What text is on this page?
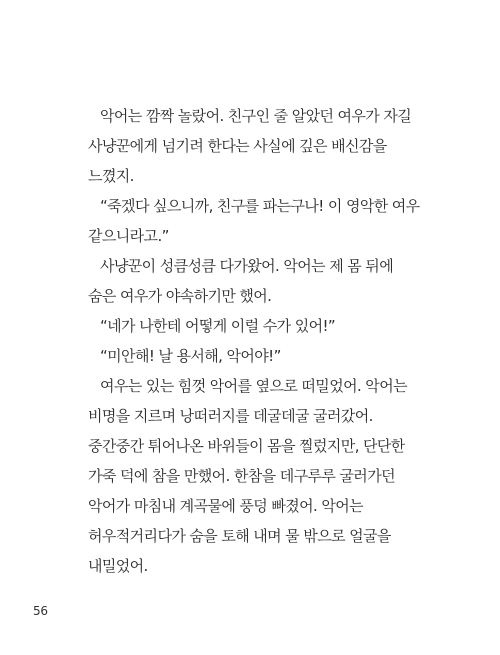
악어는 깜짝 놀랐어. 친구인 줄 알았던 여우가 자길
사냥꾼에게 넘기려 한다는 사실에 깊은 배신감을
느꼈지.
“죽겠다 싶으니까, 친구를 파는구나! 이 영악한 여우
같으니라고.”
사냥꾼이 성큼성큼 다가왔어. 악어는 제 몸 뒤에
숨은 여우가 야속하기만 했어.
“네가 나한테 어떻게 이럴 수가 있어!”
“미안해! 날 용서해, 악어야!”
여우는 있는 힘껏 악어를 옆으로 떠밀었어. 악어는
비명을 지르며 낭떠러지를 데굴데굴 굴러갔어.
중간중간 튀어나온 바위들이 몸을 찔렀지만, 단단한
가죽 덕에 참을 만했어. 한참을 데구루루 굴러가던
악어가 마침내 계곡물에 풍덩 빠졌어. 악어는
허우적거리다가 숨을 토해 내며 물 밖으로 얼굴을
내밀었어.
56
